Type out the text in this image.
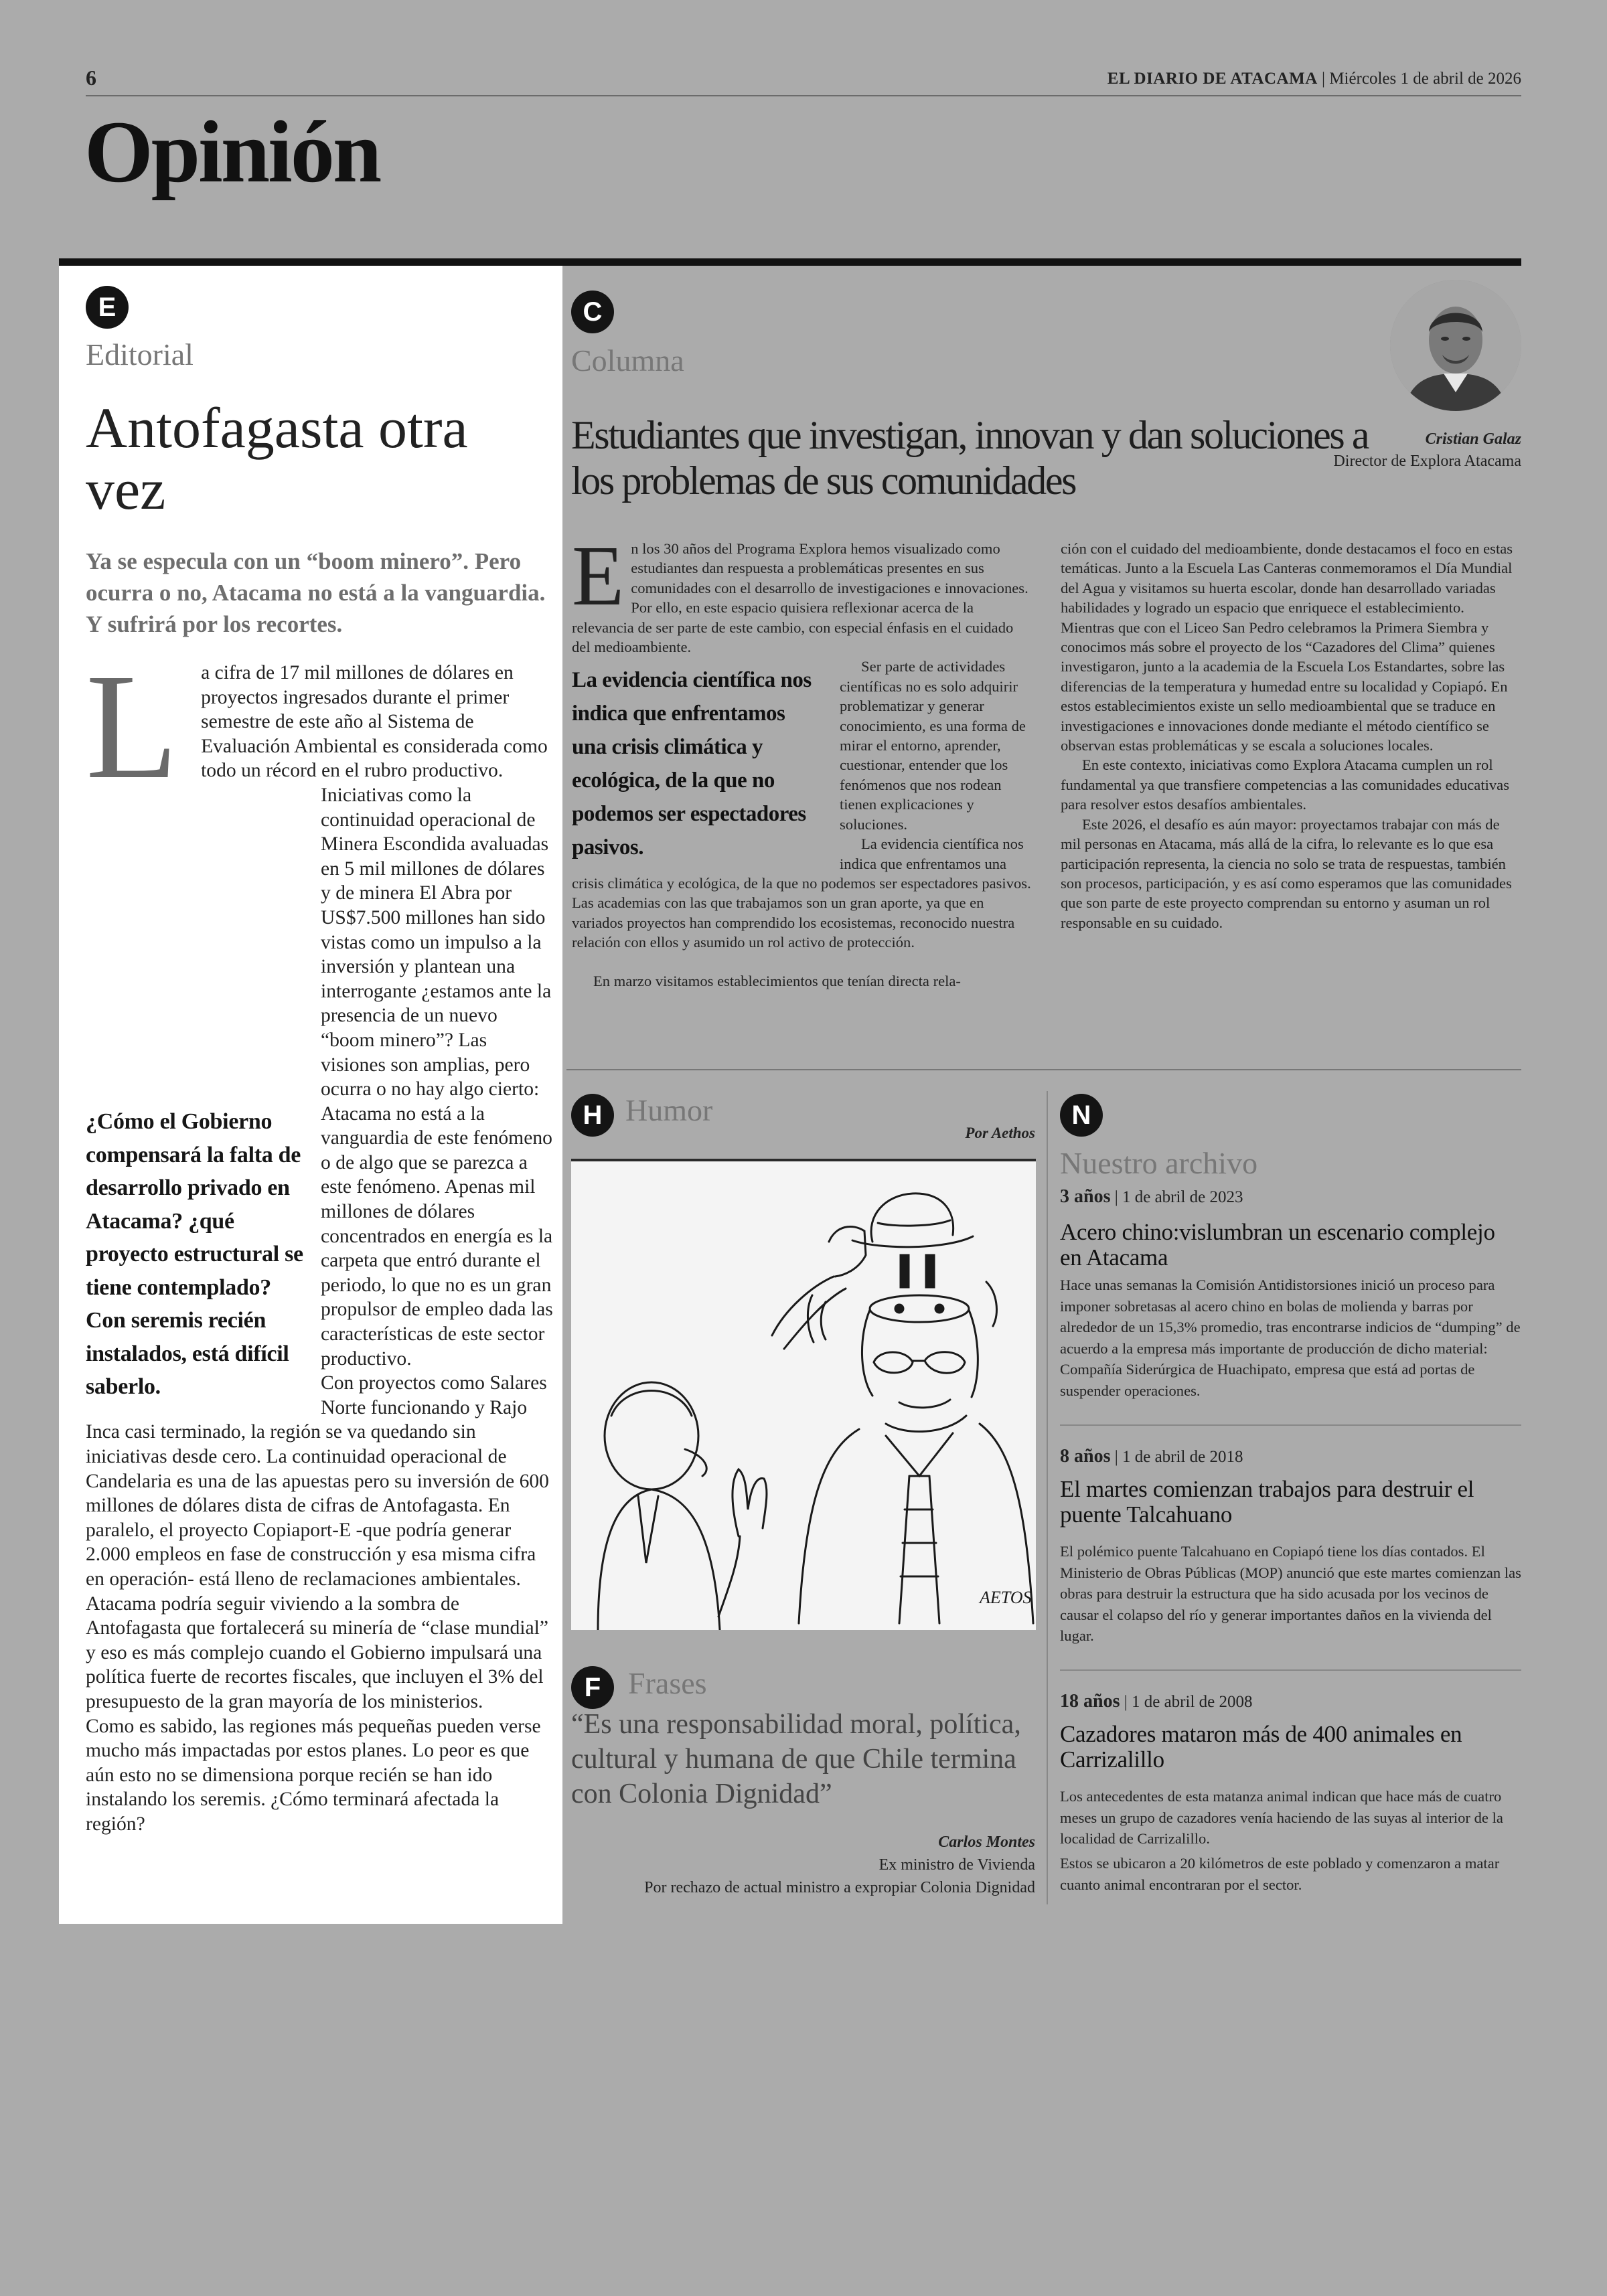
6	EL DIARIO DE ATACAMA | Miércoles 1 de abril de 2026
Opinión
E
Editorial
Antofagasta otra vez

Ya se especula con un “boom minero”. Pero ocurra o no, Atacama no está a la vanguardia. Y sufrirá por los recortes.

L
¿Cómo el Gobierno compensará la falta de desarrollo privado en Atacama? ¿qué proyecto estructural se tiene contemplado? Con seremis recién instalados, está difícil saberlo.

a cifra de 17 mil millones de dólares en proyectos ingresados durante el primer semestre de este año al Sistema de Evaluación Ambiental es considerada como todo un récord en el rubro productivo. Iniciativas como la continuidad operacional de Minera Escondida avaluadas en 5 mil millones de dólares y de minera El Abra por US$7.500 millones han sido vistas como un impulso a la inversión y plantean una interrogante ¿estamos ante la presencia de un nuevo “boom minero”? Las visiones son amplias, pero ocurra o no hay algo cierto: Atacama no está a la vanguardia de este fenómeno o de algo que se parezca a este fenómeno. Apenas mil millones de dólares concentrados en energía es la carpeta que entró durante el periodo, lo que no es un gran propulsor de empleo dada las características de este sector productivo.

Con proyectos como Salares Norte funcionando y Rajo Inca casi terminado, la región se va quedando sin iniciativas desde cero. La continuidad operacional de Candelaria es una de las apuestas pero su inversión de 600 millones de dólares dista de cifras de Antofagasta. En paralelo, el proyecto Copiaport-E -que podría generar 2.000 empleos en fase de construcción y esa misma cifra en operación- está lleno de reclamaciones ambientales.

Atacama podría seguir viviendo a la sombra de Antofagasta que fortalecerá su minería de “clase mundial” y eso es más complejo cuando el Gobierno impulsará una política fuerte de recortes fiscales, que incluyen el 3% del presupuesto de la gran mayoría de los ministerios.

Como es sabido, las regiones más pequeñas pueden verse mucho más impactadas por estos planes. Lo peor es que aún esto no se dimensiona porque recién se han ido instalando los seremis. ¿Cómo terminará afectada la región?

C
Columna
Estudiantes que investigan, innovan y dan soluciones a los problemas de sus comunidades
Cristian Galaz
Director de Explora Atacama
E n los 30 años del Programa Explora hemos visualizado como estudiantes dan respuesta a problemáticas presentes en sus comunidades con el desarrollo de investigaciones e innovaciones. Por ello, en este espacio quisiera reflexionar acerca de la relevancia de ser parte de este cambio, con especial énfasis en el cuidado del medioambiente.

La evidencia científica nos indica que enfrentamos una crisis climática y ecológica, de la que no podemos ser espectadores pasivos.

Ser parte de actividades científicas no es solo adquirir problematizar y generar conocimiento, es una forma de mirar el entorno, aprender, cuestionar, entender que los fenómenos que nos rodean tienen explicaciones y soluciones.

La evidencia científica nos indica que enfrentamos una crisis climática y ecológica, de la que no podemos ser espectadores pasivos. Las academias con las que trabajamos son un gran aporte, ya que en variados proyectos han comprendido los ecosistemas, reconocido nuestra relación con ellos y asumido un rol activo de protección.

En marzo visitamos establecimientos que tenían directa rela-

ción con el cuidado del medioambiente, donde destacamos el foco en estas temáticas. Junto a la Escuela Las Canteras conmemoramos el Día Mundial del Agua y visitamos su huerta escolar, donde han desarrollado variadas habilidades y logrado un espacio que enriquece el establecimiento. Mientras que con el Liceo San Pedro celebramos la Primera Siembra y conocimos más sobre el proyecto de los “Cazadores del Clima” quienes investigaron, junto a la academia de la Escuela Los Estandartes, sobre las diferencias de la temperatura y humedad entre su localidad y Copiapó. En estos establecimientos existe un sello medioambiental que se traduce en investigaciones e innovaciones donde mediante el método científico se observan estas problemáticas y se escala a soluciones locales.

En este contexto, iniciativas como Explora Atacama cumplen un rol fundamental ya que transfiere competencias a las comunidades educativas para resolver estos desafíos ambientales.

Este 2026, el desafío es aún mayor: proyectamos trabajar con más de mil personas en Atacama, más allá de la cifra, lo relevante es lo que esa participación representa, la ciencia no solo se trata de respuestas, también son procesos, participación, y es así como esperamos que las comunidades que son parte de este proyecto comprendan su entorno y asuman un rol responsable en su cuidado.

H Humor
Por Aethos
AETOS
F Frases

“Es una responsabilidad moral, política, cultural y humana de que Chile termina con Colonia Dignidad”

Carlos Montes
Ex ministro de Vivienda
Por rechazo de actual ministro a expropiar Colonia Dignidad
N
Nuestro archivo
3 años | 1 de abril de 2023
Acero chino:vislumbran un escenario complejo en Atacama

Hace unas semanas la Comisión Antidistorsiones inició un proceso para imponer sobretasas al acero chino en bolas de molienda y barras por alrededor de un 15,3% promedio, tras encontrarse indicios de “dumping” de acuerdo a la empresa más importante de producción de dicho material: Compañía Siderúrgica de Huachipato, empresa que está ad portas de suspender operaciones.

8 años | 1 de abril de 2018
El martes comienzan trabajos para destruir el puente Talcahuano

El polémico puente Talcahuano en Copiapó tiene los días contados. El Ministerio de Obras Públicas (MOP) anunció que este martes comienzan las obras para destruir la estructura que ha sido acusada por los vecinos de causar el colapso del río y generar importantes daños en la vivienda del lugar.

18 años | 1 de abril de 2008
Cazadores mataron más de 400 animales en Carrizalillo

Los antecedentes de esta matanza animal indican que hace más de cuatro meses un grupo de cazadores venía haciendo de las suyas al interior de la localidad de Carrizalillo.

Estos se ubicaron a 20 kilómetros de este poblado y comenzaron a matar cuanto animal encontraran por el sector.
